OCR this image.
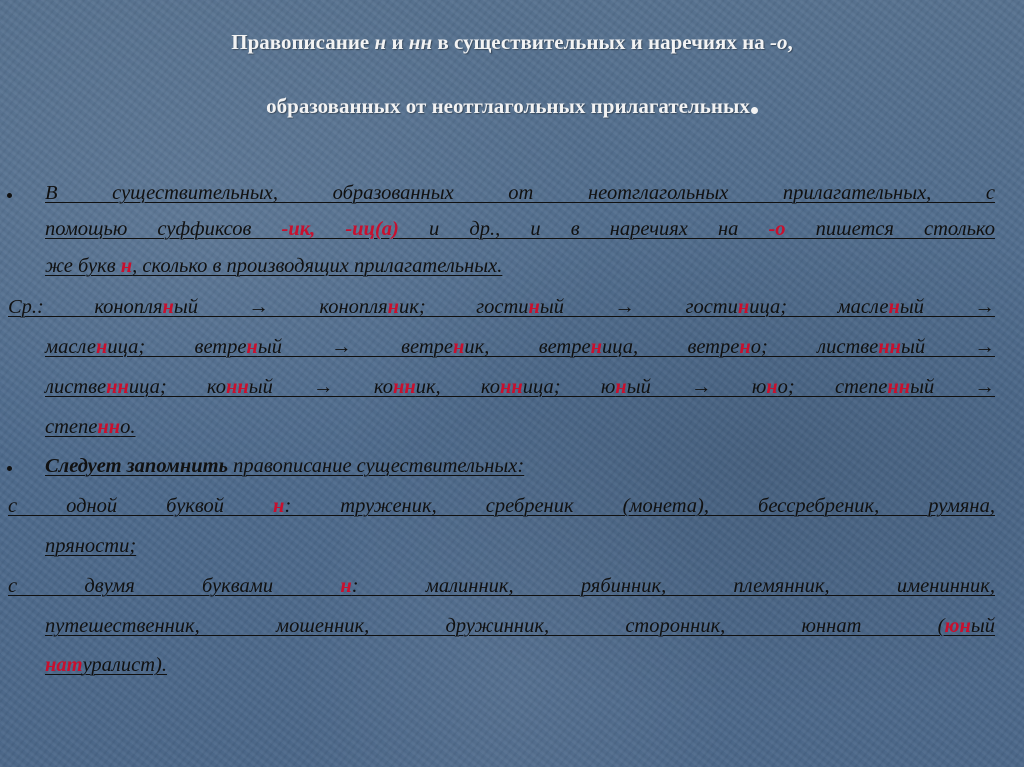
Правописание н и нн в существительных и наречиях на -о,
образованных от неотглагольных прилагательных
В существительных, образованных от неотглагольных прилагательных, с
помощью суффиксов -ик, -иц(а) и др., и в наречиях на -о пишется столько
же букв н, сколько в производящих прилагательных.
Ср.: конопляный → конопляник; гостиный → гостиница; масленый →
масленица; ветреный → ветреник, ветреница, ветрено; лиственный →
лиственница; конный → конник, конница; юный → юно; степенный →
степенно.
Следует запомнить правописание существительных:
с одной буквой н: труженик, сребреник (монета), бессребреник, румяна,
пряности;
с двумя буквами н: малинник, рябинник, племянник, именинник,
путешественник, мошенник, дружинник, сторонник, юннат (юный
натуралист).
